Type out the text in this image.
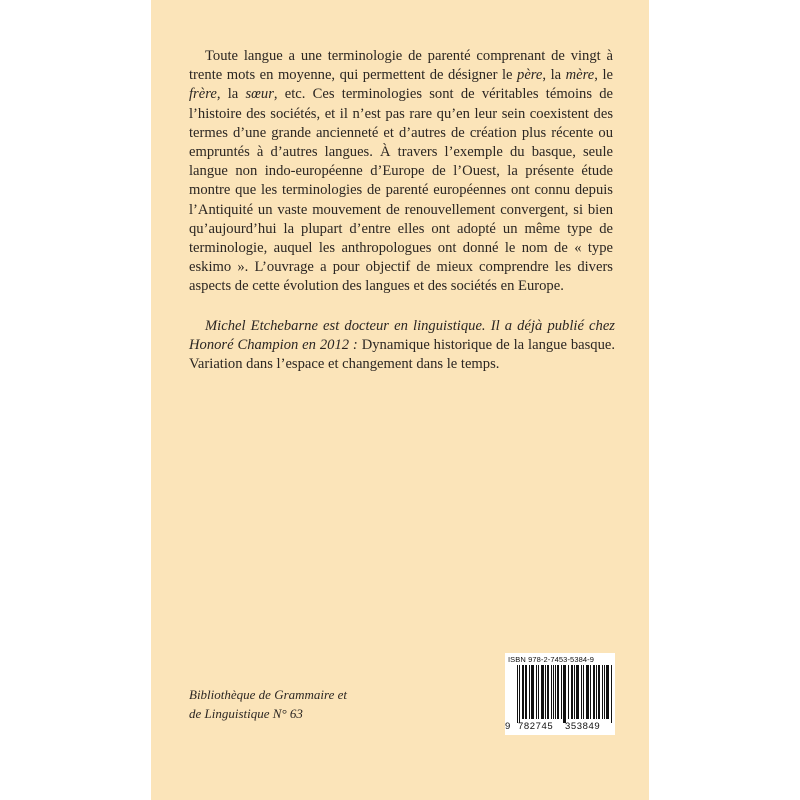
Toute langue a une terminologie de parenté comprenant de vingt à trente mots en moyenne, qui permettent de désigner le père, la mère, le frère, la sœur, etc. Ces terminologies sont de véritables témoins de l’histoire des sociétés, et il n’est pas rare qu’en leur sein coexistent des termes d’une grande ancienneté et d’autres de création plus récente ou empruntés à d’autres langues. À travers l’exemple du basque, seule langue non indo-européenne d’Europe de l’Ouest, la présente étude montre que les terminologies de parenté européennes ont connu depuis l’Antiquité un vaste mouvement de renouvellement convergent, si bien qu’aujourd’hui la plupart d’entre elles ont adopté un même type de terminologie, auquel les anthropologues ont donné le nom de « type eskimo ». L’ouvrage a pour objectif de mieux comprendre les divers aspects de cette évolution des langues et des sociétés en Europe.

Michel Etchebarne est docteur en linguistique. Il a déjà publié chez Honoré Champion en 2012 : Dynamique historique de la langue basque. Variation dans l’espace et changement dans le temps.

Bibliothèque de Grammaire et
de Linguistique N° 63
ISBN 978-2-7453-5384-9
9 782745 353849
